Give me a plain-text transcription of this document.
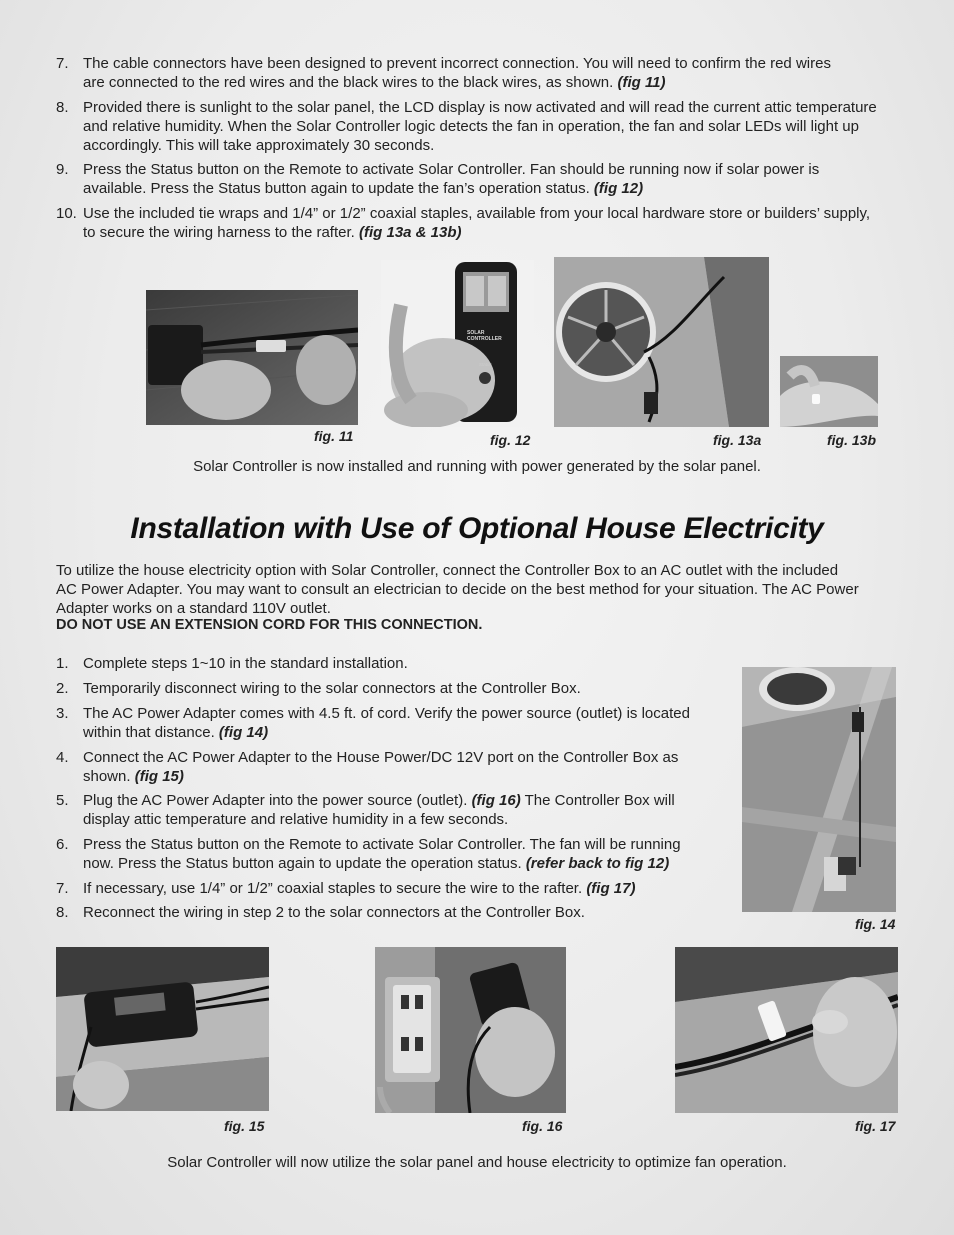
7. The cable connectors have been designed to prevent incorrect connection. You will need to confirm the red wires
are connected to the red wires and the black wires to the black wires, as shown. (fig 11)
8. Provided there is sunlight to the solar panel, the LCD display is now activated and will read the current attic temperature
and relative humidity. When the Solar Controller logic detects the fan in operation, the fan and solar LEDs will light up
accordingly. This will take approximately 30 seconds.
9. Press the Status button on the Remote to activate Solar Controller. Fan should be running now if solar power is
available. Press the Status button again to update the fan’s operation status. (fig 12)
10. Use the included tie wraps and 1/4” or 1/2” coaxial staples, available from your local hardware store or builders’ supply,
to secure the wiring harness to the rafter. (fig 13a & 13b)
fig. 11
SOLAR CONTROLLER
Status
fig. 12	fig. 13a	fig. 13b
Solar Controller is now installed and running with power generated by the solar panel.
Installation with Use of Optional House Electricity
To utilize the house electricity option with Solar Controller, connect the Controller Box to an AC outlet with the included
AC Power Adapter. You may want to consult an electrician to decide on the best method for your situation. The AC Power
Adapter works on a standard 110V outlet.
DO NOT USE AN EXTENSION CORD FOR THIS CONNECTION.
1. Complete steps 1~10 in the standard installation.
2. Temporarily disconnect wiring to the solar connectors at the Controller Box.
3. The AC Power Adapter comes with 4.5 ft. of cord. Verify the power source (outlet) is located
within that distance. (fig 14)
4. Connect the AC Power Adapter to the House Power/DC 12V port on the Controller Box as
shown. (fig 15)
5. Plug the AC Power Adapter into the power source (outlet). (fig 16) The Controller Box will
display attic temperature and relative humidity in a few seconds.
6. Press the Status button on the Remote to activate Solar Controller. The fan will be running
now. Press the Status button again to update the operation status. (refer back to fig 12)
7. If necessary, use 1/4” or 1/2” coaxial staples to secure the wire to the rafter. (fig 17)
8. Reconnect the wiring in step 2 to the solar connectors at the Controller Box.
fig. 14
fig. 15	fig. 16	fig. 17
Solar Controller will now utilize the solar panel and house electricity to optimize fan operation.
